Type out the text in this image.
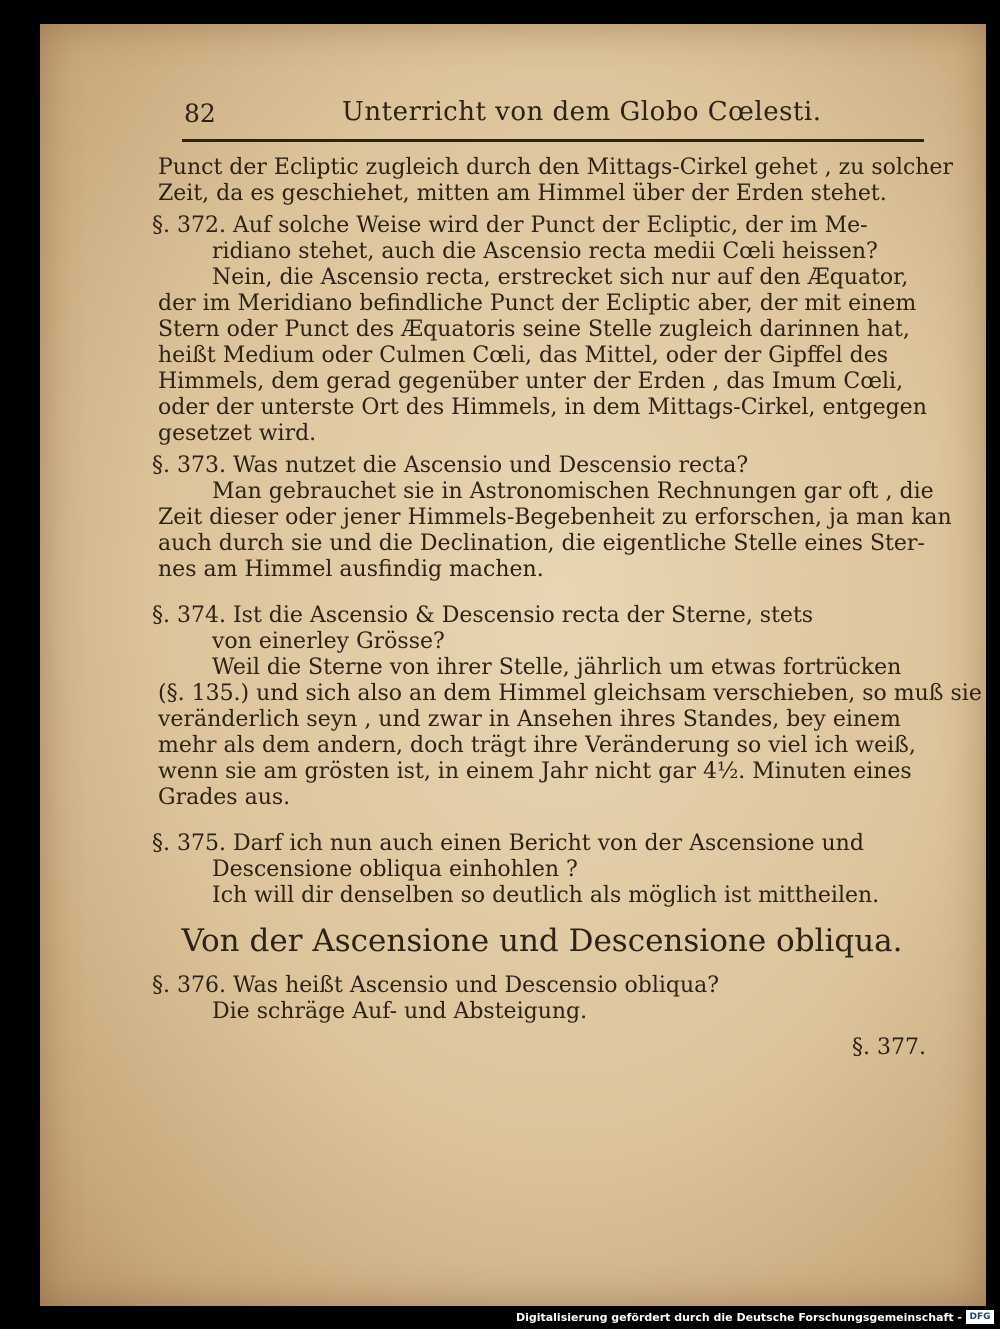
82	Unterricht von dem Globo Cœlesti.
Punct der Ecliptic zugleich durch den Mittags-Cirkel gehet , zu solcher
Zeit, da es geschiehet, mitten am Himmel über der Erden stehet.
§. 372. Auf solche Weise wird der Punct der Ecliptic, der im Me-
ridiano stehet, auch die Ascensio recta medii Cœli heissen?
Nein, die Ascensio recta, erstrecket sich nur auf den Æquator,
der im Meridiano befindliche Punct der Ecliptic aber, der mit einem
Stern oder Punct des Æquatoris seine Stelle zugleich darinnen hat,
heißt Medium oder Culmen Cœli, das Mittel, oder der Gipffel des
Himmels, dem gerad gegenüber unter der Erden , das Imum Cœli,
oder der unterste Ort des Himmels, in dem Mittags-Cirkel, entgegen
gesetzet wird.
§. 373. Was nutzet die Ascensio und Descensio recta?
Man gebrauchet sie in Astronomischen Rechnungen gar oft , die
Zeit dieser oder jener Himmels-Begebenheit zu erforschen, ja man kan
auch durch sie und die Declination, die eigentliche Stelle eines Ster-
nes am Himmel ausfindig machen.
§. 374. Ist die Ascensio & Descensio recta der Sterne, stets
von einerley Grösse?
Weil die Sterne von ihrer Stelle, jährlich um etwas fortrücken
(§. 135.) und sich also an dem Himmel gleichsam verschieben, so muß sie
veränderlich seyn , und zwar in Ansehen ihres Standes, bey einem
mehr als dem andern, doch trägt ihre Veränderung so viel ich weiß,
wenn sie am grösten ist, in einem Jahr nicht gar 4½. Minuten eines
Grades aus.
§. 375. Darf ich nun auch einen Bericht von der Ascensione und
Descensione obliqua einhohlen ?
Ich will dir denselben so deutlich als möglich ist mittheilen.
Von der Ascensione und Descensione obliqua.
§. 376. Was heißt Ascensio und Descensio obliqua?
Die schräge Auf- und Absteigung.
§. 377.
Digitalisierung gefördert durch die Deutsche Forschungsgemeinschaft - DFG
